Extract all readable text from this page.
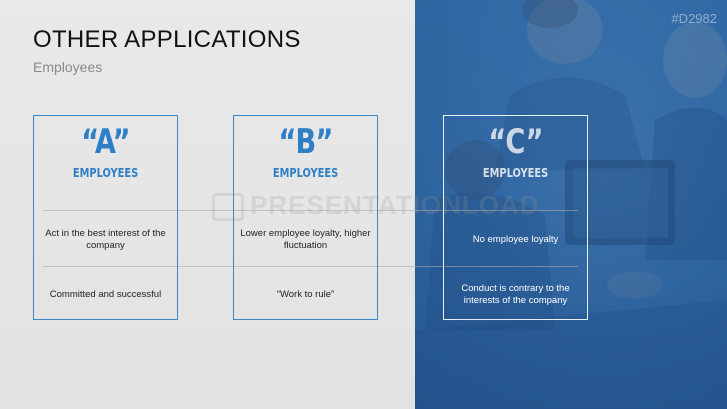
PRESENTATIONLOAD
OTHER APPLICATIONS
Employees
#D2982
“A”
EMPLOYEES
Act in the best interest of the company
Committed and successful
“B”
EMPLOYEES
Lower employee loyalty, higher fluctuation
“Work to rule”
“C”
EMPLOYEES
No employee loyalty
Conduct is contrary to the interests of the company
